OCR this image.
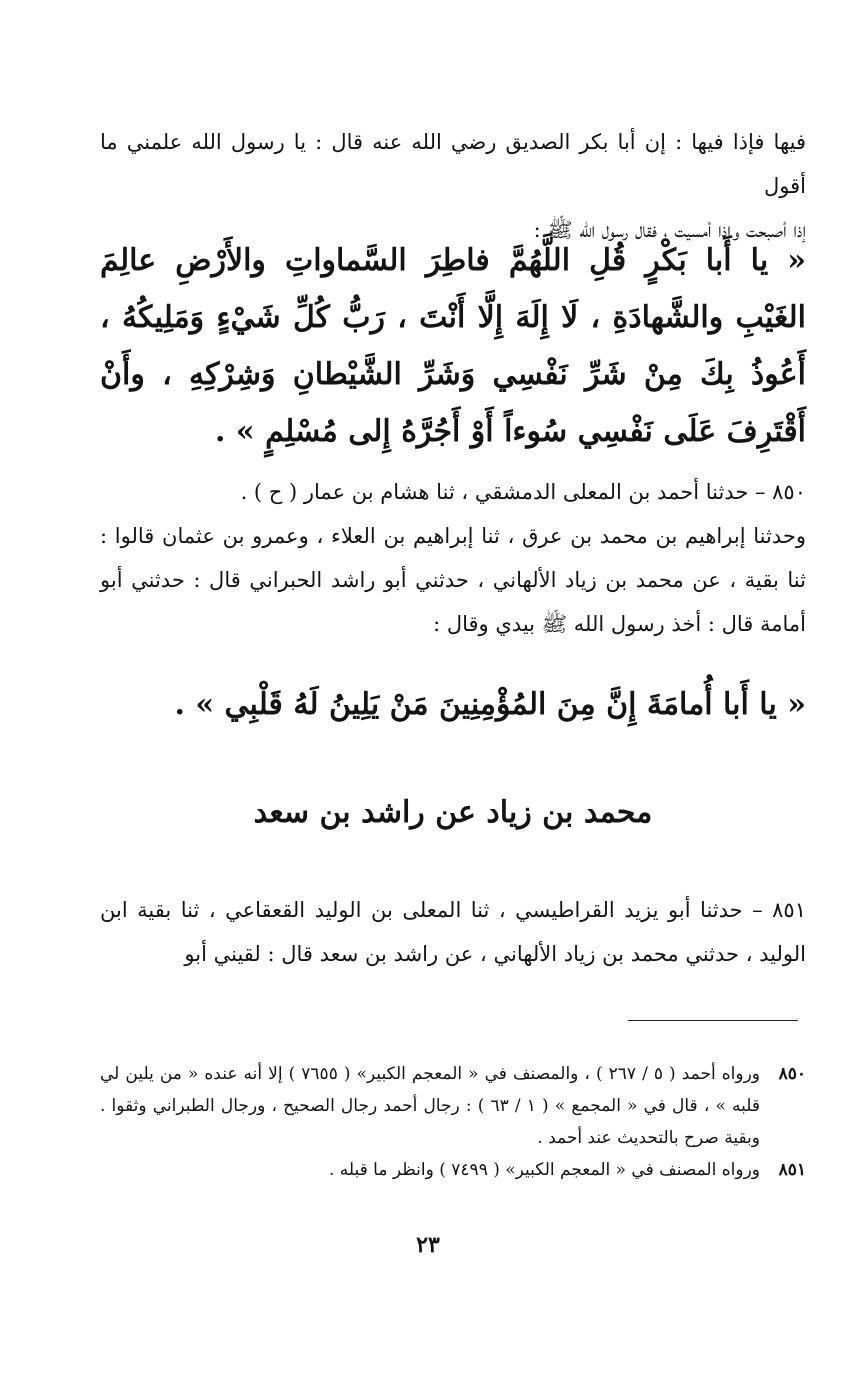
فيها فإذا فيها : إن أبا بكر الصديق رضي الله عنه قال : يا رسول الله علمني ما أقول

إذا أصبحت وإذا أمسيت ، فقال رسول الله ﷺ :

« يا أَبا بَكْرٍ قُلِ اللَّهُمَّ فاطِرَ السَّماواتِ والأَرْضِ عالِمَ الغَيْبِ والشَّهادَةِ ، لَا إِلَهَ إِلَّا أَنْتَ ، رَبُّ كُلِّ شَيْءٍ وَمَلِيكُهُ ، أَعُوذُ بِكَ مِنْ شَرِّ نَفْسِي وَشَرِّ الشَّيْطانِ وَشِرْكِهِ ، وأَنْ أَقْتَرِفَ عَلَى نَفْسِي سُوءاً أَوْ أَجُرَّهُ إِلى مُسْلِمٍ » .

٨٥٠ – حدثنا أحمد بن المعلى الدمشقي ، ثنا هشام بن عمار ( ح ) .

وحدثنا إبراهيم بن محمد بن عرق ، ثنا إبراهيم بن العلاء ، وعمرو بن عثمان قالوا : ثنا بقية ، عن محمد بن زياد الألهاني ، حدثني أبو راشد الحبراني قال : حدثني أبو أمامة قال : أخذ رسول الله ﷺ بيدي وقال :

« يا أَبا أُمامَةَ إِنَّ مِنَ المُؤْمِنِينَ مَنْ يَلِينُ لَهُ قَلْبِي » .

محمد بن زياد عن راشد بن سعد

٨٥١ – حدثنا أبو يزيد القراطيسي ، ثنا المعلى بن الوليد القعقاعي ، ثنا بقية ابن الوليد ، حدثني محمد بن زياد الألهاني ، عن راشد بن سعد قال : لقيني أبو

٨٥٠
ورواه أحمد ( ٥ / ٢٦٧ ) ، والمصنف في « المعجم الكبير» ( ٧٦٥٥ ) إلا أنه عنده « من يلين لي قلبه » ، قال في « المجمع » ( ١ / ٦٣ ) : رجال أحمد رجال الصحيح ، ورجال الطبراني وثقوا . وبقية صرح بالتحديث عند أحمد .
٨٥١
ورواه المصنف في « المعجم الكبير» ( ٧٤٩٩ ) وانظر ما قبله .
٢٣
